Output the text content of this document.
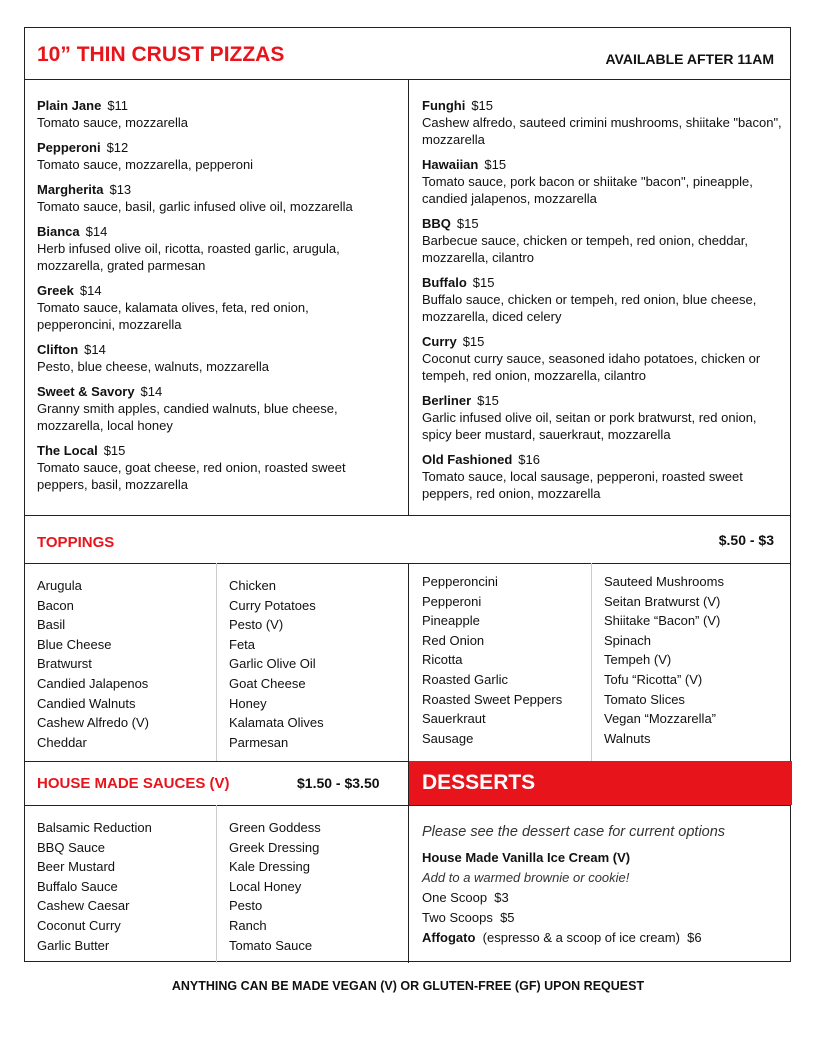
10” THIN CRUST PIZZAS	AVAILABLE AFTER 11AM
Plain Jane $11
Tomato sauce, mozzarella
Pepperoni $12
Tomato sauce, mozzarella, pepperoni
Margherita $13
Tomato sauce, basil, garlic infused olive oil, mozzarella
Bianca $14
Herb infused olive oil, ricotta, roasted garlic, arugula, mozzarella, grated parmesan
Greek $14
Tomato sauce, kalamata olives, feta, red onion, pepperoncini, mozzarella
Clifton $14
Pesto, blue cheese, walnuts, mozzarella
Sweet & Savory $14
Granny smith apples, candied walnuts, blue cheese, mozzarella, local honey
The Local $15
Tomato sauce, goat cheese, red onion, roasted sweet peppers, basil, mozzarella
Funghi $15
Cashew alfredo, sauteed crimini mushrooms, shiitake "bacon", mozzarella
Hawaiian $15
Tomato sauce, pork bacon or shiitake "bacon", pineapple, candied jalapenos, mozzarella
BBQ $15
Barbecue sauce, chicken or tempeh, red onion, cheddar, mozzarella, cilantro
Buffalo $15
Buffalo sauce, chicken or tempeh, red onion, blue cheese, mozzarella, diced celery
Curry $15
Coconut curry sauce, seasoned idaho potatoes, chicken or tempeh, red onion, mozzarella, cilantro
Berliner $15
Garlic infused olive oil, seitan or pork bratwurst, red onion, spicy beer mustard, sauerkraut, mozzarella
Old Fashioned $16
Tomato sauce, local sausage, pepperoni, roasted sweet peppers, red onion, mozzarella
TOPPINGS	$.50 - $3
Arugula
Bacon
Basil
Blue Cheese
Bratwurst
Candied Jalapenos
Candied Walnuts
Cashew Alfredo (V)
Cheddar
Chicken
Curry Potatoes
Pesto (V)
Feta
Garlic Olive Oil
Goat Cheese
Honey
Kalamata Olives
Parmesan
Pepperoncini
Pepperoni
Pineapple
Red Onion
Ricotta
Roasted Garlic
Roasted Sweet Peppers
Sauerkraut
Sausage
Sauteed Mushrooms
Seitan Bratwurst (V)
Shiitake “Bacon” (V)
Spinach
Tempeh (V)
Tofu “Ricotta” (V)
Tomato Slices
Vegan “Mozzarella”
Walnuts
HOUSE MADE SAUCES (V)	$1.50 - $3.50	DESSERTS
Balsamic Reduction
BBQ Sauce
Beer Mustard
Buffalo Sauce
Cashew Caesar
Coconut Curry
Garlic Butter
Green Goddess
Greek Dressing
Kale Dressing
Local Honey
Pesto
Ranch
Tomato Sauce
Please see the dessert case for current options
House Made Vanilla Ice Cream (V)
Add to a warmed brownie or cookie!
One Scoop $3
Two Scoops $5
Affogato (espresso & a scoop of ice cream) $6
ANYTHING CAN BE MADE VEGAN (V) OR GLUTEN-FREE (GF) UPON REQUEST
